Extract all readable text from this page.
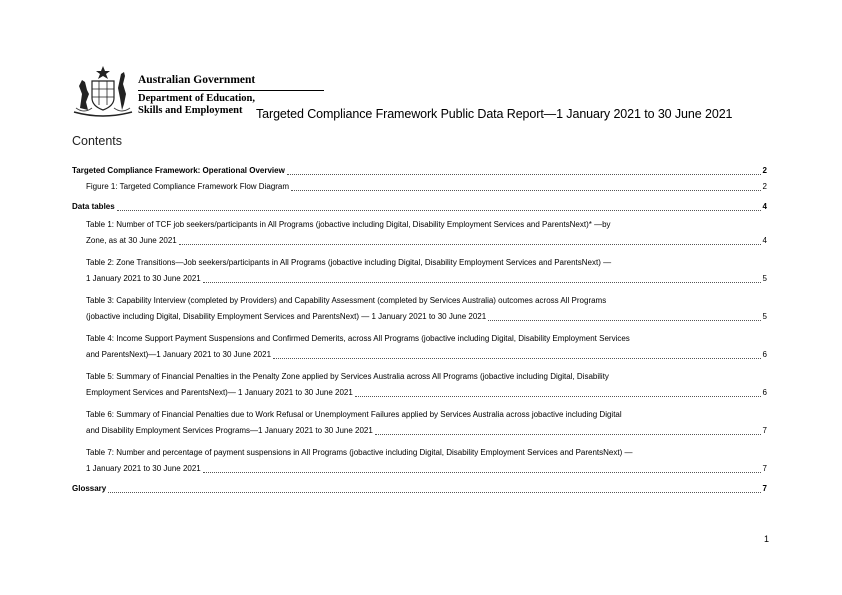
Australian Government
Department of Education,
Skills and Employment	Targeted Compliance Framework Public Data Report—1 January 2021 to 30 June 2021
Contents
Targeted Compliance Framework: Operational Overview	2
Figure 1: Targeted Compliance Framework Flow Diagram	2
Data tables	4
Table 1: Number of TCF job seekers/participants in All Programs (jobactive including Digital, Disability Employment Services and ParentsNext)* —by
Zone, as at 30 June 2021	4
Table 2: Zone Transitions—Job seekers/participants in All Programs (jobactive including Digital, Disability Employment Services and ParentsNext) —
1 January 2021 to 30 June 2021	5
Table 3: Capability Interview (completed by Providers) and Capability Assessment (completed by Services Australia) outcomes across All Programs
(jobactive including Digital, Disability Employment Services and ParentsNext) — 1 January 2021 to 30 June 2021	5
Table 4: Income Support Payment Suspensions and Confirmed Demerits, across All Programs (jobactive including Digital, Disability Employment Services
and ParentsNext)—1 January 2021 to 30 June 2021	6
Table 5: Summary of Financial Penalties in the Penalty Zone applied by Services Australia across All Programs (jobactive including Digital, Disability
Employment Services and ParentsNext)— 1 January 2021 to 30 June 2021	6
Table 6: Summary of Financial Penalties due to Work Refusal or Unemployment Failures applied by Services Australia across jobactive including Digital
and Disability Employment Services Programs—1 January 2021 to 30 June 2021	7
Table 7: Number and percentage of payment suspensions in All Programs (jobactive including Digital, Disability Employment Services and ParentsNext) —
1 January 2021 to 30 June 2021	7
Glossary	7
1
